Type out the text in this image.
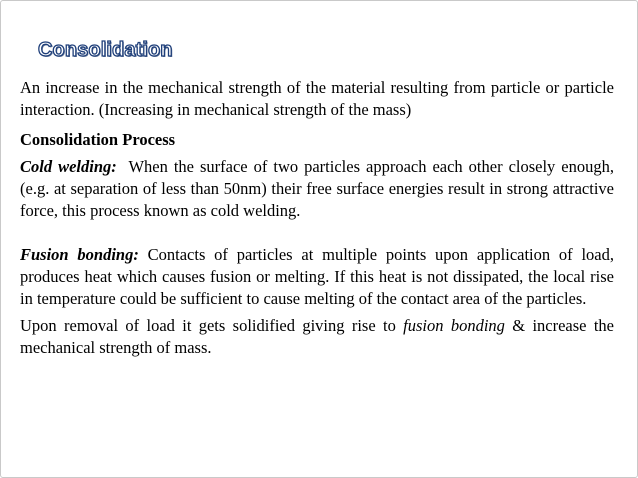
Consolidation

An increase in the mechanical strength of the material resulting from particle or particle interaction. (Increasing in mechanical strength of the mass)

Consolidation Process

Cold welding:  When the surface of two particles approach each other closely enough, (e.g. at separation of less than 50nm) their free surface energies result in strong attractive force, this process known as cold welding.

Fusion bonding: Contacts of particles at multiple points upon application of load, produces heat which causes fusion or melting. If this heat is not dissipated, the local rise in temperature could be sufficient to cause melting of the contact area of the particles.

Upon removal of load it gets solidified giving rise to fusion bonding & increase the mechanical strength of mass.
